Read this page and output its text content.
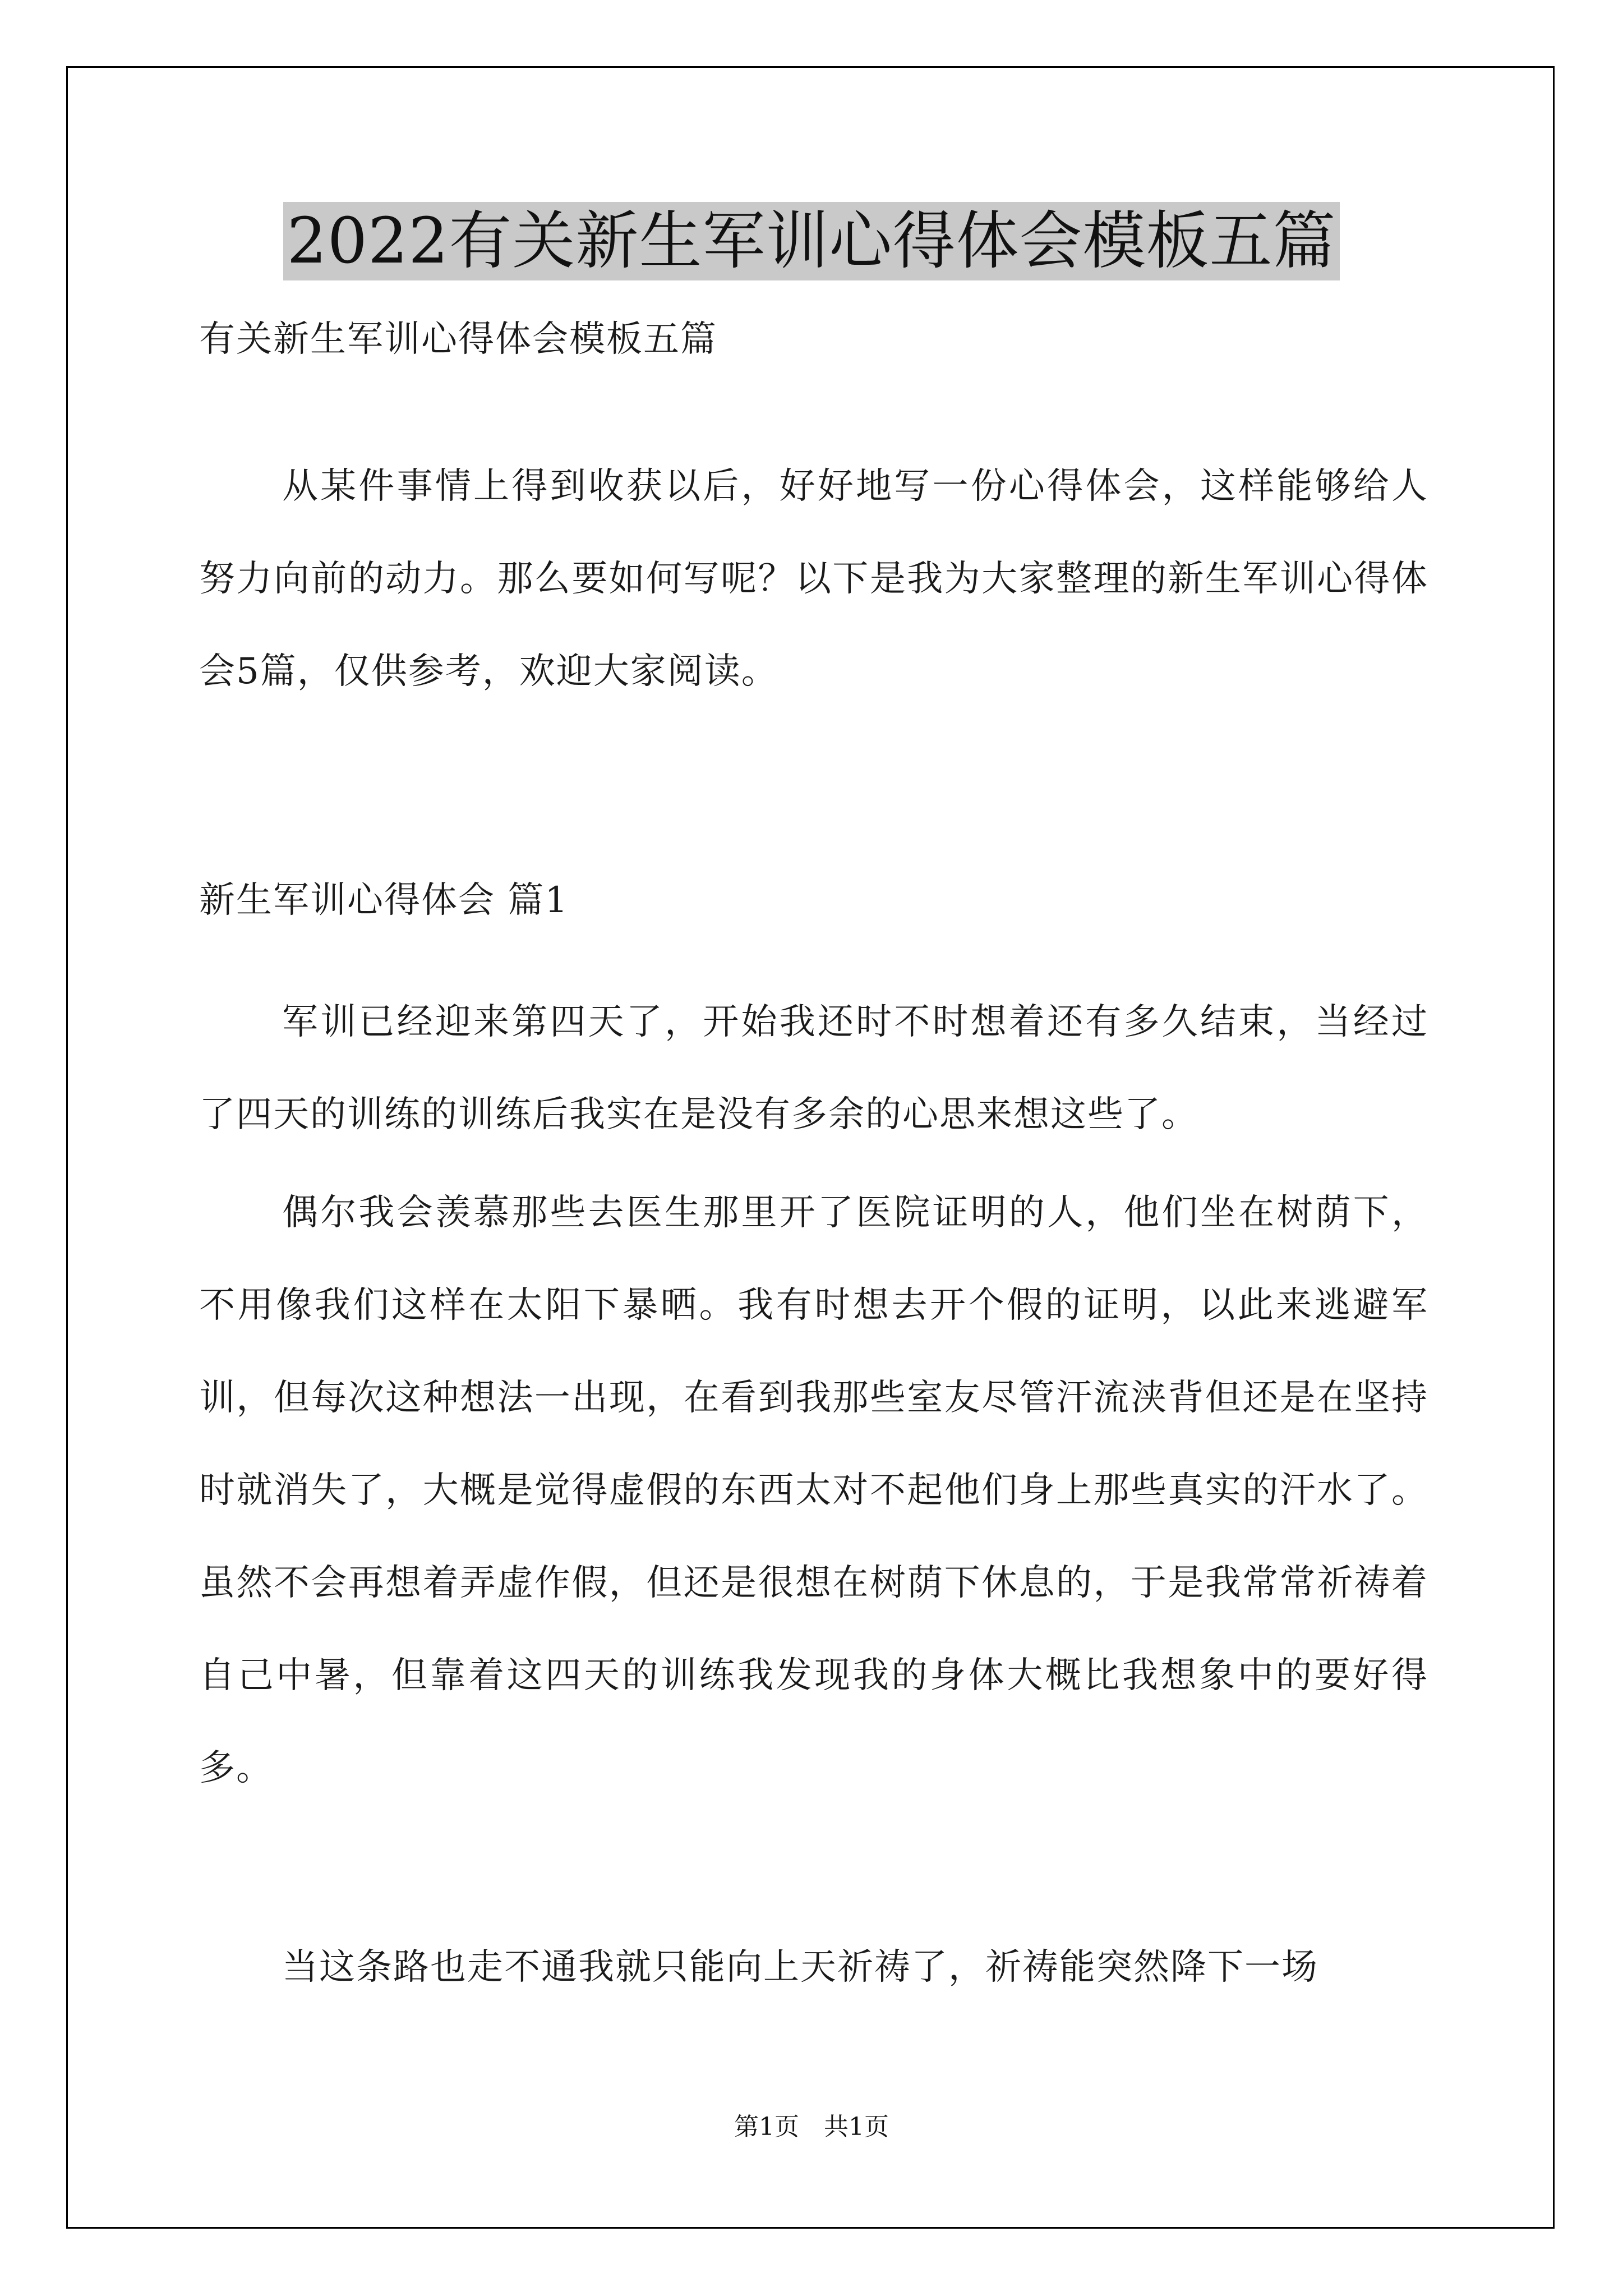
2022有关新生军训心得体会模板五篇
有关新生军训心得体会模板五篇
从某件事情上得到收获以后，好好地写一份心得体会，这样能够给人努力向前的动力。那么要如何写呢？以下是我为大家整理的新生军训心得体会5篇，仅供参考，欢迎大家阅读。
新生军训心得体会 篇1
军训已经迎来第四天了，开始我还时不时想着还有多久结束，当经过了四天的训练的训练后我实在是没有多余的心思来想这些了。
偶尔我会羡慕那些去医生那里开了医院证明的人，他们坐在树荫下，不用像我们这样在太阳下暴晒。我有时想去开个假的证明，以此来逃避军训，但每次这种想法一出现，在看到我那些室友尽管汗流浃背但还是在坚持时就消失了，大概是觉得虚假的东西太对不起他们身上那些真实的汗水了。虽然不会再想着弄虚作假，但还是很想在树荫下休息的，于是我常常祈祷着自己中暑，但靠着这四天的训练我发现我的身体大概比我想象中的要好得多。
当这条路也走不通我就只能向上天祈祷了，祈祷能突然降下一场
第1页　共1页
